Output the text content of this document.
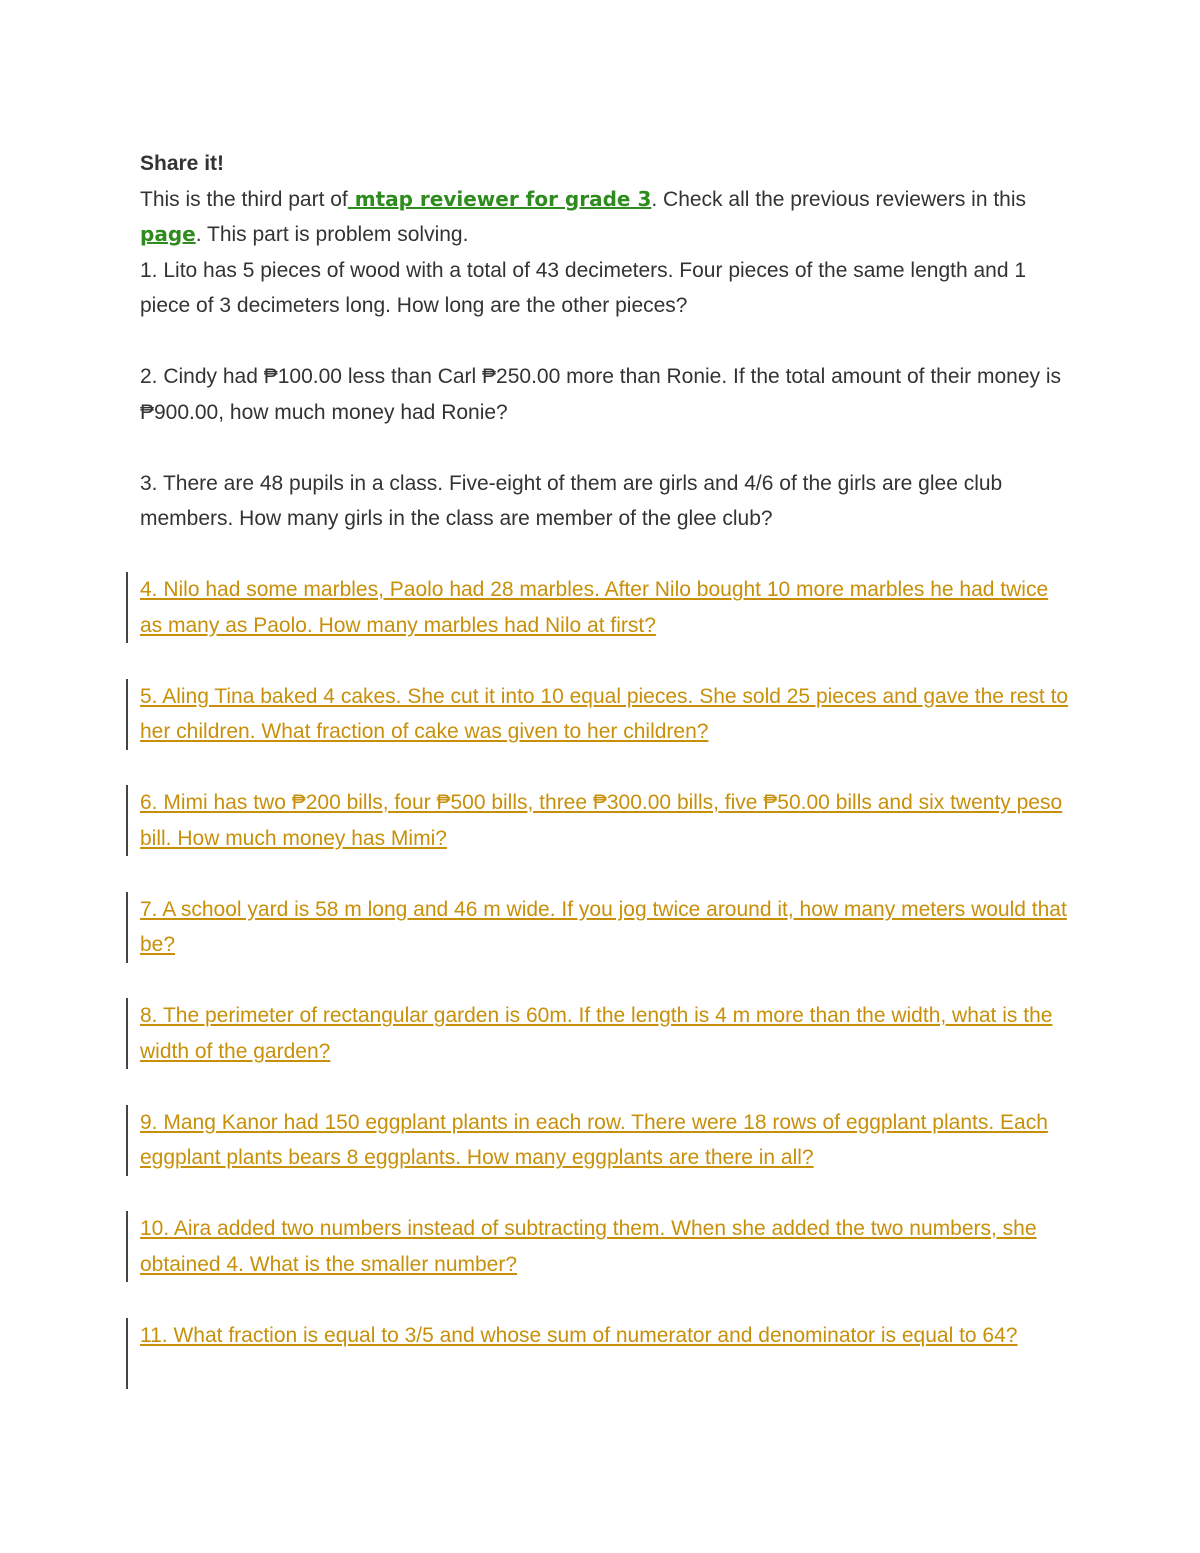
Share it!

This is the third part of mtap reviewer for grade 3. Check all the previous reviewers in this page. This part is problem solving.

1. Lito has 5 pieces of wood with a total of 43 decimeters. Four pieces of the same length and 1 piece of 3 decimeters long. How long are the other pieces?

2. Cindy had ₱100.00 less than Carl ₱250.00 more than Ronie. If the total amount of their money is ₱900.00, how much money had Ronie?

3. There are 48 pupils in a class. Five-eight of them are girls and 4/6 of the girls are glee club members. How many girls in the class are member of the glee club?

4. Nilo had some marbles, Paolo had 28 marbles. After Nilo bought 10 more marbles he had twice as many as Paolo. How many marbles had Nilo at first?
5. Aling Tina baked 4 cakes. She cut it into 10 equal pieces. She sold 25 pieces and gave the rest to her children. What fraction of cake was given to her children?
6. Mimi has two ₱200 bills, four ₱500 bills, three ₱300.00 bills, five ₱50.00 bills and six twenty peso bill. How much money has Mimi?
7. A school yard is 58 m long and 46 m wide. If you jog twice around it, how many meters would that be?
8. The perimeter of rectangular garden is 60m. If the length is 4 m more than the width, what is the width of the garden?
9. Mang Kanor had 150 eggplant plants in each row. There were 18 rows of eggplant plants. Each eggplant plants bears 8 eggplants. How many eggplants are there in all?
10. Aira added two numbers instead of subtracting them. When she added the two numbers, she obtained 4. What is the smaller number?
11. What fraction is equal to 3/5 and whose sum of numerator and denominator is equal to 64?
